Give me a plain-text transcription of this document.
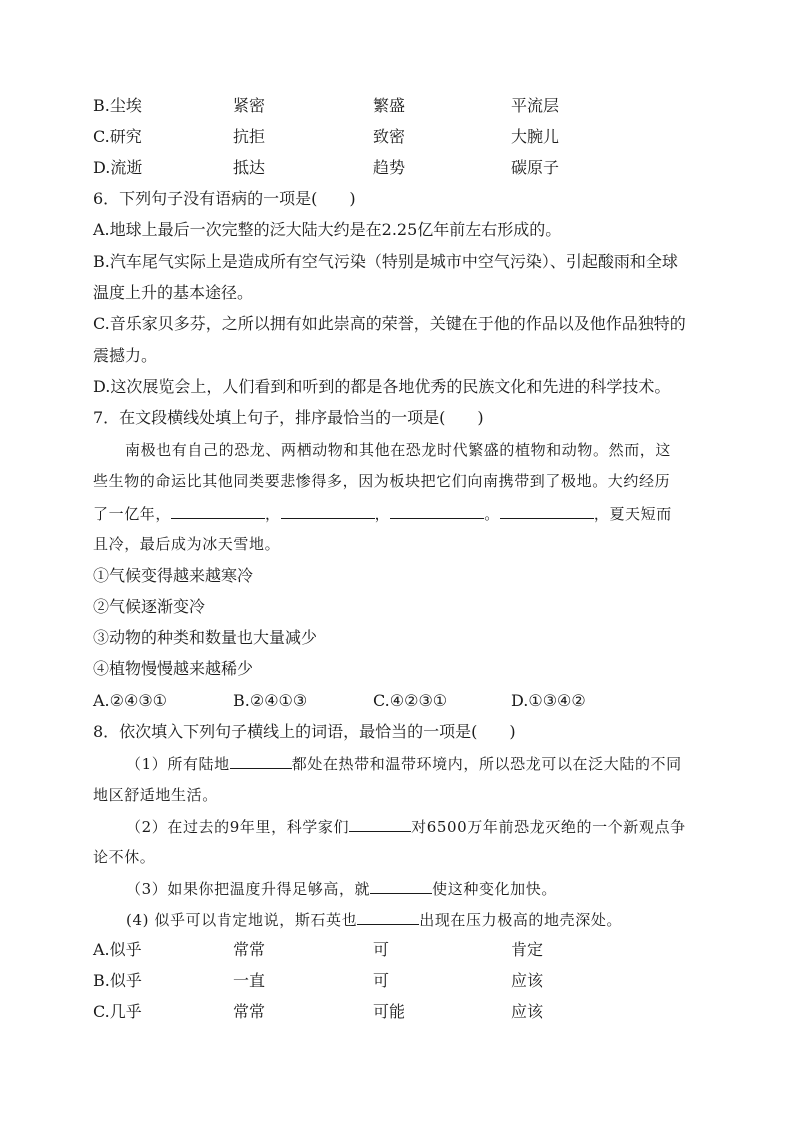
B.尘埃	紧密	繁盛	平流层
C.研究	抗拒	致密	大腕儿
D.流逝	抵达	趋势	碳原子
6．下列句子没有语病的一项是(　　)
A.地球上最后一次完整的泛大陆大约是在2.25亿年前左右形成的。
B.汽车尾气实际上是造成所有空气污染（特别是城市中空气污染）、引起酸雨和全球
温度上升的基本途径。
C.音乐家贝多芬，之所以拥有如此崇高的荣誉，关键在于他的作品以及他作品独特的
震撼力。
D.这次展览会上，人们看到和听到的都是各地优秀的民族文化和先进的科学技术。
7．在文段横线处填上句子，排序最恰当的一项是(　　)
南极也有自己的恐龙、两栖动物和其他在恐龙时代繁盛的植物和动物。然而，这
些生物的命运比其他同类要悲惨得多，因为板块把它们向南携带到了极地。大约经历
了一亿年，	，	，	。	，夏天短而
且冷，最后成为冰天雪地。
①气候变得越来越寒冷
②气候逐渐变冷
③动物的种类和数量也大量减少
④植物慢慢越来越稀少
A.②④③①	B.②④①③	C.④②③①	D.①③④②
8．依次填入下列句子横线上的词语，最恰当的一项是(　　)
（1）所有陆地	都处在热带和温带环境内，所以恐龙可以在泛大陆的不同
地区舒适地生活。
（2）在过去的9年里，科学家们	对6500万年前恐龙灭绝的一个新观点争
论不休。
（3）如果你把温度升得足够高，就	使这种变化加快。
(4) 似乎可以肯定地说，斯石英也	出现在压力极高的地壳深处。
A.似乎	常常	可	肯定
B.似乎	一直	可	应该
C.几乎	常常	可能	应该
